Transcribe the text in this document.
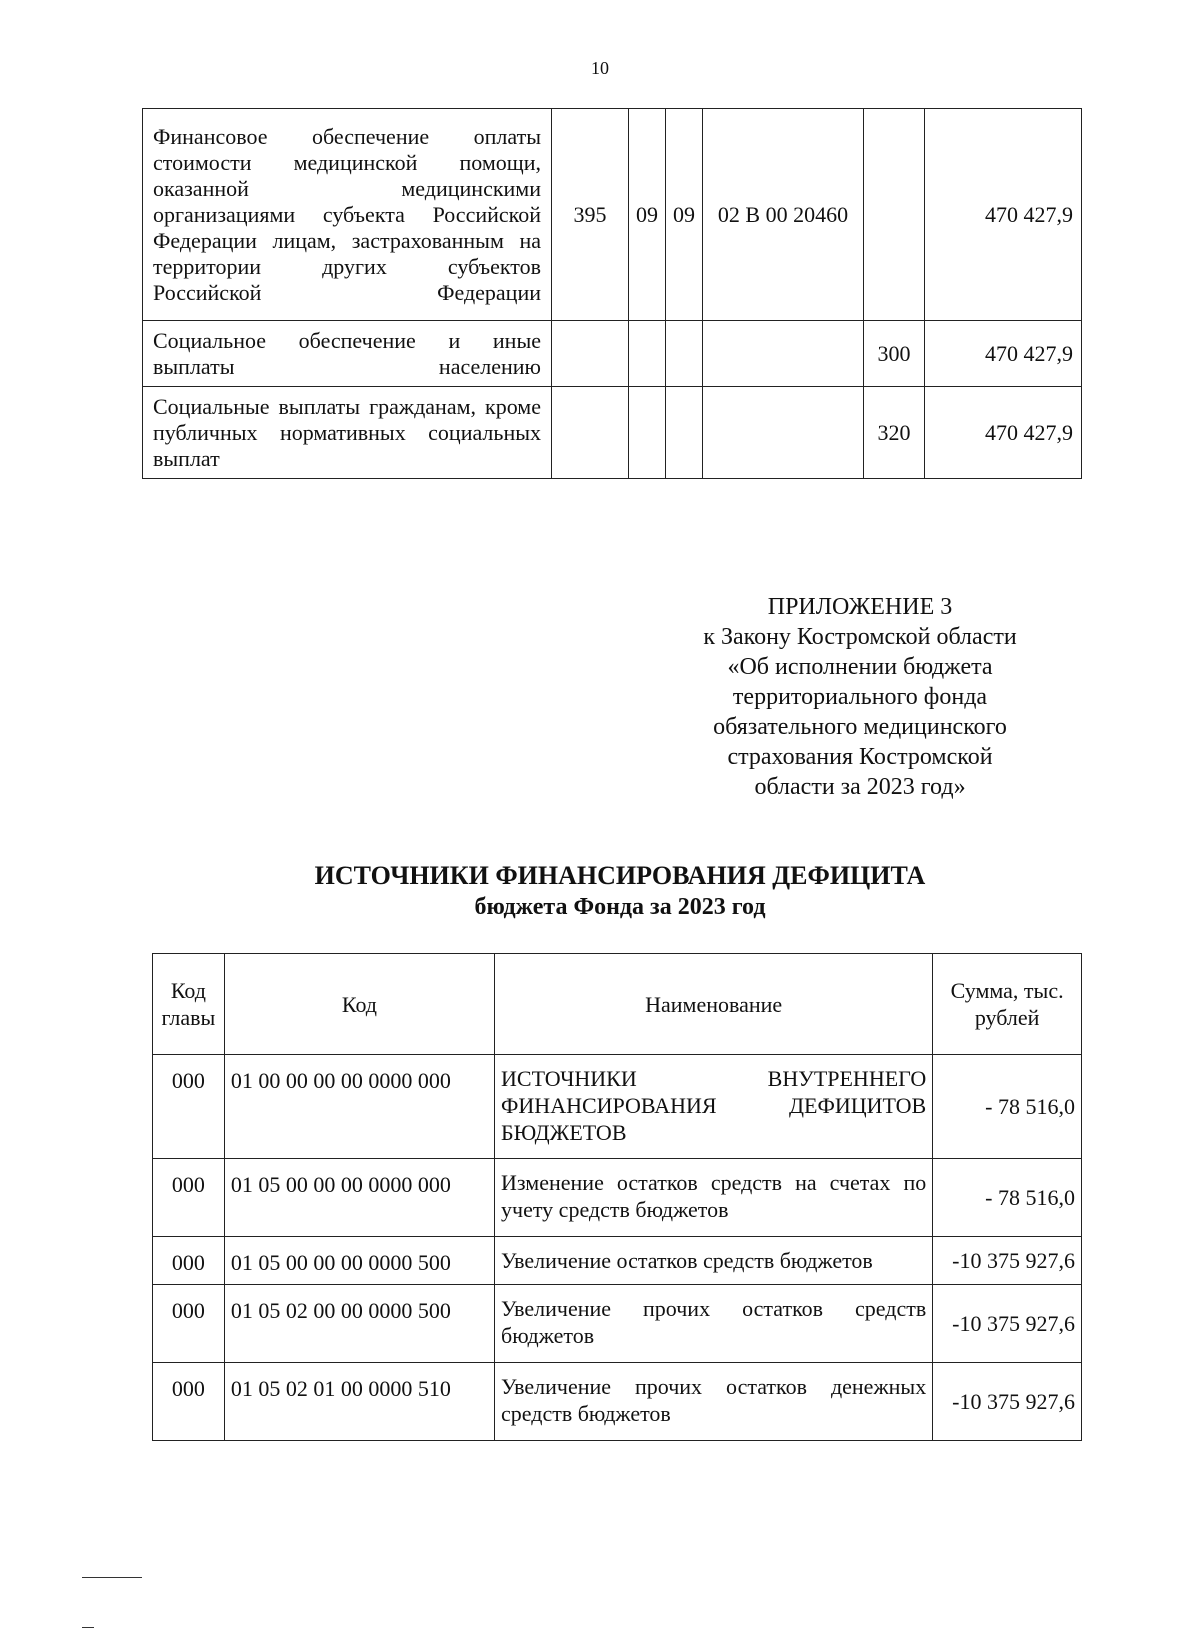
10
Финансовое обеспечение оплаты стоимости медицинской помощи, оказанной медицинскими организациями субъекта Российской Федерации лицам, застрахованным на территории других субъектов Российской Федерации	395	09	09	02 В 00 20460		470 427,9
Социальное обеспечение и иные выплаты населению					300	470 427,9
Социальные выплаты гражданам, кроме публичных нормативных социальных выплат					320	470 427,9
ПРИЛОЖЕНИЕ 3
к Закону Костромской области
«Об исполнении бюджета
территориального фонда
обязательного медицинского
страхования Костромской
области за 2023 год»
ИСТОЧНИКИ ФИНАНСИРОВАНИЯ ДЕФИЦИТА
бюджета Фонда за 2023 год
Код главы	Код	Наименование	Сумма, тыс. рублей
000	01 00 00 00 00 0000 000	ИСТОЧНИКИ ВНУТРЕННЕГО ФИНАНСИРОВАНИЯ ДЕФИЦИТОВ БЮДЖЕТОВ	- 78 516,0
000	01 05 00 00 00 0000 000	Изменение остатков средств на счетах по учету средств бюджетов	- 78 516,0
000	01 05 00 00 00 0000 500	Увеличение остатков средств бюджетов	-10 375 927,6
000	01 05 02 00 00 0000 500	Увеличение прочих остатков средств бюджетов	-10 375 927,6
000	01 05 02 01 00 0000 510	Увеличение прочих остатков денежных средств бюджетов	-10 375 927,6
